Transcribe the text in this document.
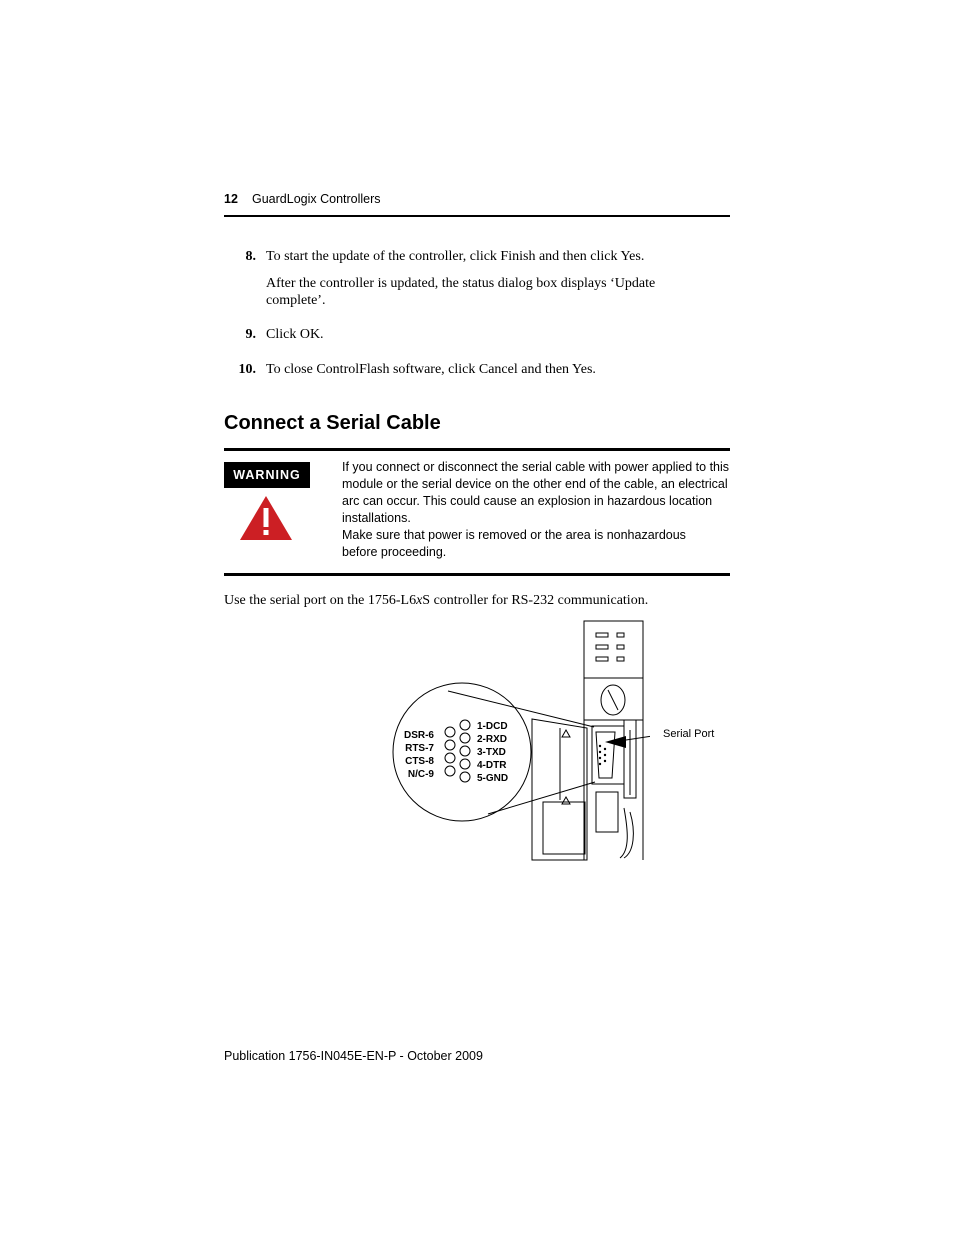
12 GuardLogix Controllers
8. To start the update of the controller, click Finish and then click Yes.
After the controller is updated, the status dialog box displays ‘Update complete’.
9. Click OK.
10. To close ControlFlash software, click Cancel and then Yes.
Connect a Serial Cable
WARNING
If you connect or disconnect the serial cable with power applied to this module or the serial device on the other end of the cable, an electrical arc can occur. This could cause an explosion in hazardous location installations.
Make sure that power is removed or the area is nonhazardous before proceeding.
Use the serial port on the 1756-L6xS controller for RS-232 communication.
DSR-6
RTS-7
CTS-8
N/C-9
1-DCD
2-RXD
3-TXD
4-DTR
5-GND
Serial Port
Publication 1756-IN045E-EN-P - October 2009
